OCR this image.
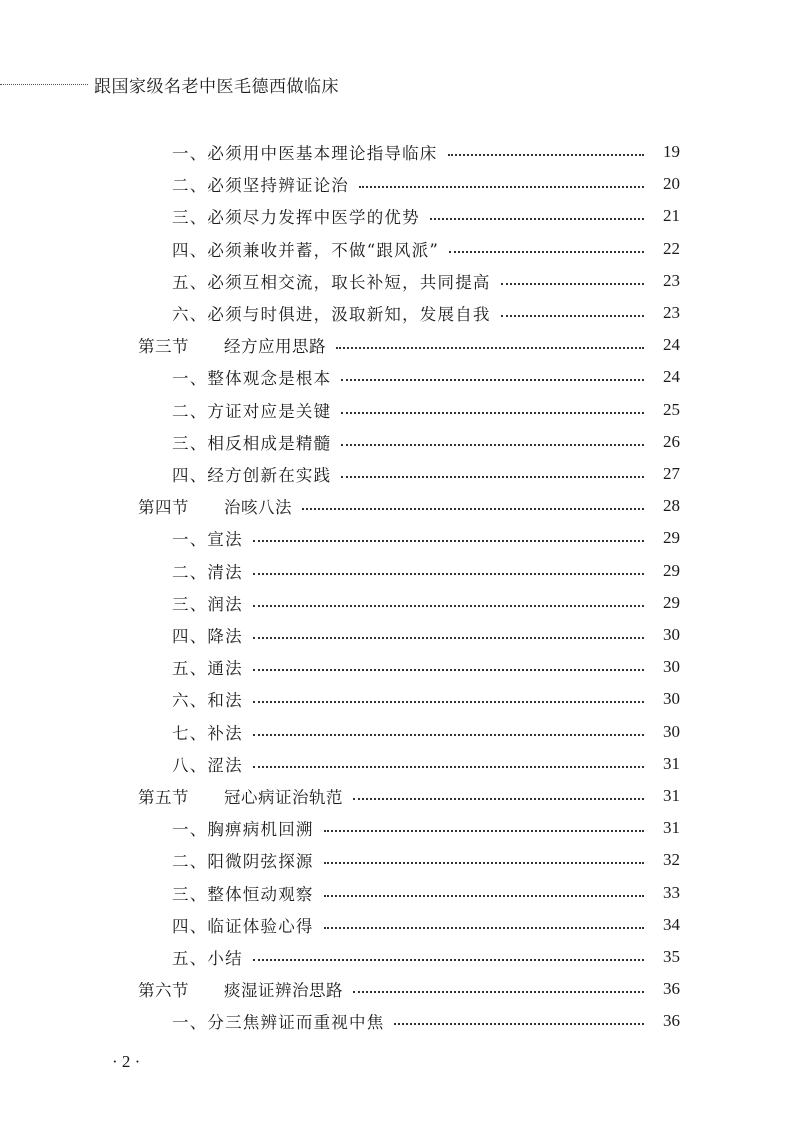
跟国家级名老中医毛德西做临床
一、必须用中医基本理论指导临床	19
二、必须坚持辨证论治	20
三、必须尽力发挥中医学的优势	21
四、必须兼收并蓄，不做“跟风派”	22
五、必须互相交流，取长补短，共同提高	23
六、必须与时俱进，汲取新知，发展自我	23
第三节 经方应用思路	24
一、整体观念是根本	24
二、方证对应是关键	25
三、相反相成是精髓	26
四、经方创新在实践	27
第四节 治咳八法	28
一、宣法	29
二、清法	29
三、润法	29
四、降法	30
五、通法	30
六、和法	30
七、补法	30
八、涩法	31
第五节 冠心病证治轨范	31
一、胸痹病机回溯	31
二、阳微阴弦探源	32
三、整体恒动观察	33
四、临证体验心得	34
五、小结	35
第六节 痰湿证辨治思路	36
一、分三焦辨证而重视中焦	36
· 2 ·
